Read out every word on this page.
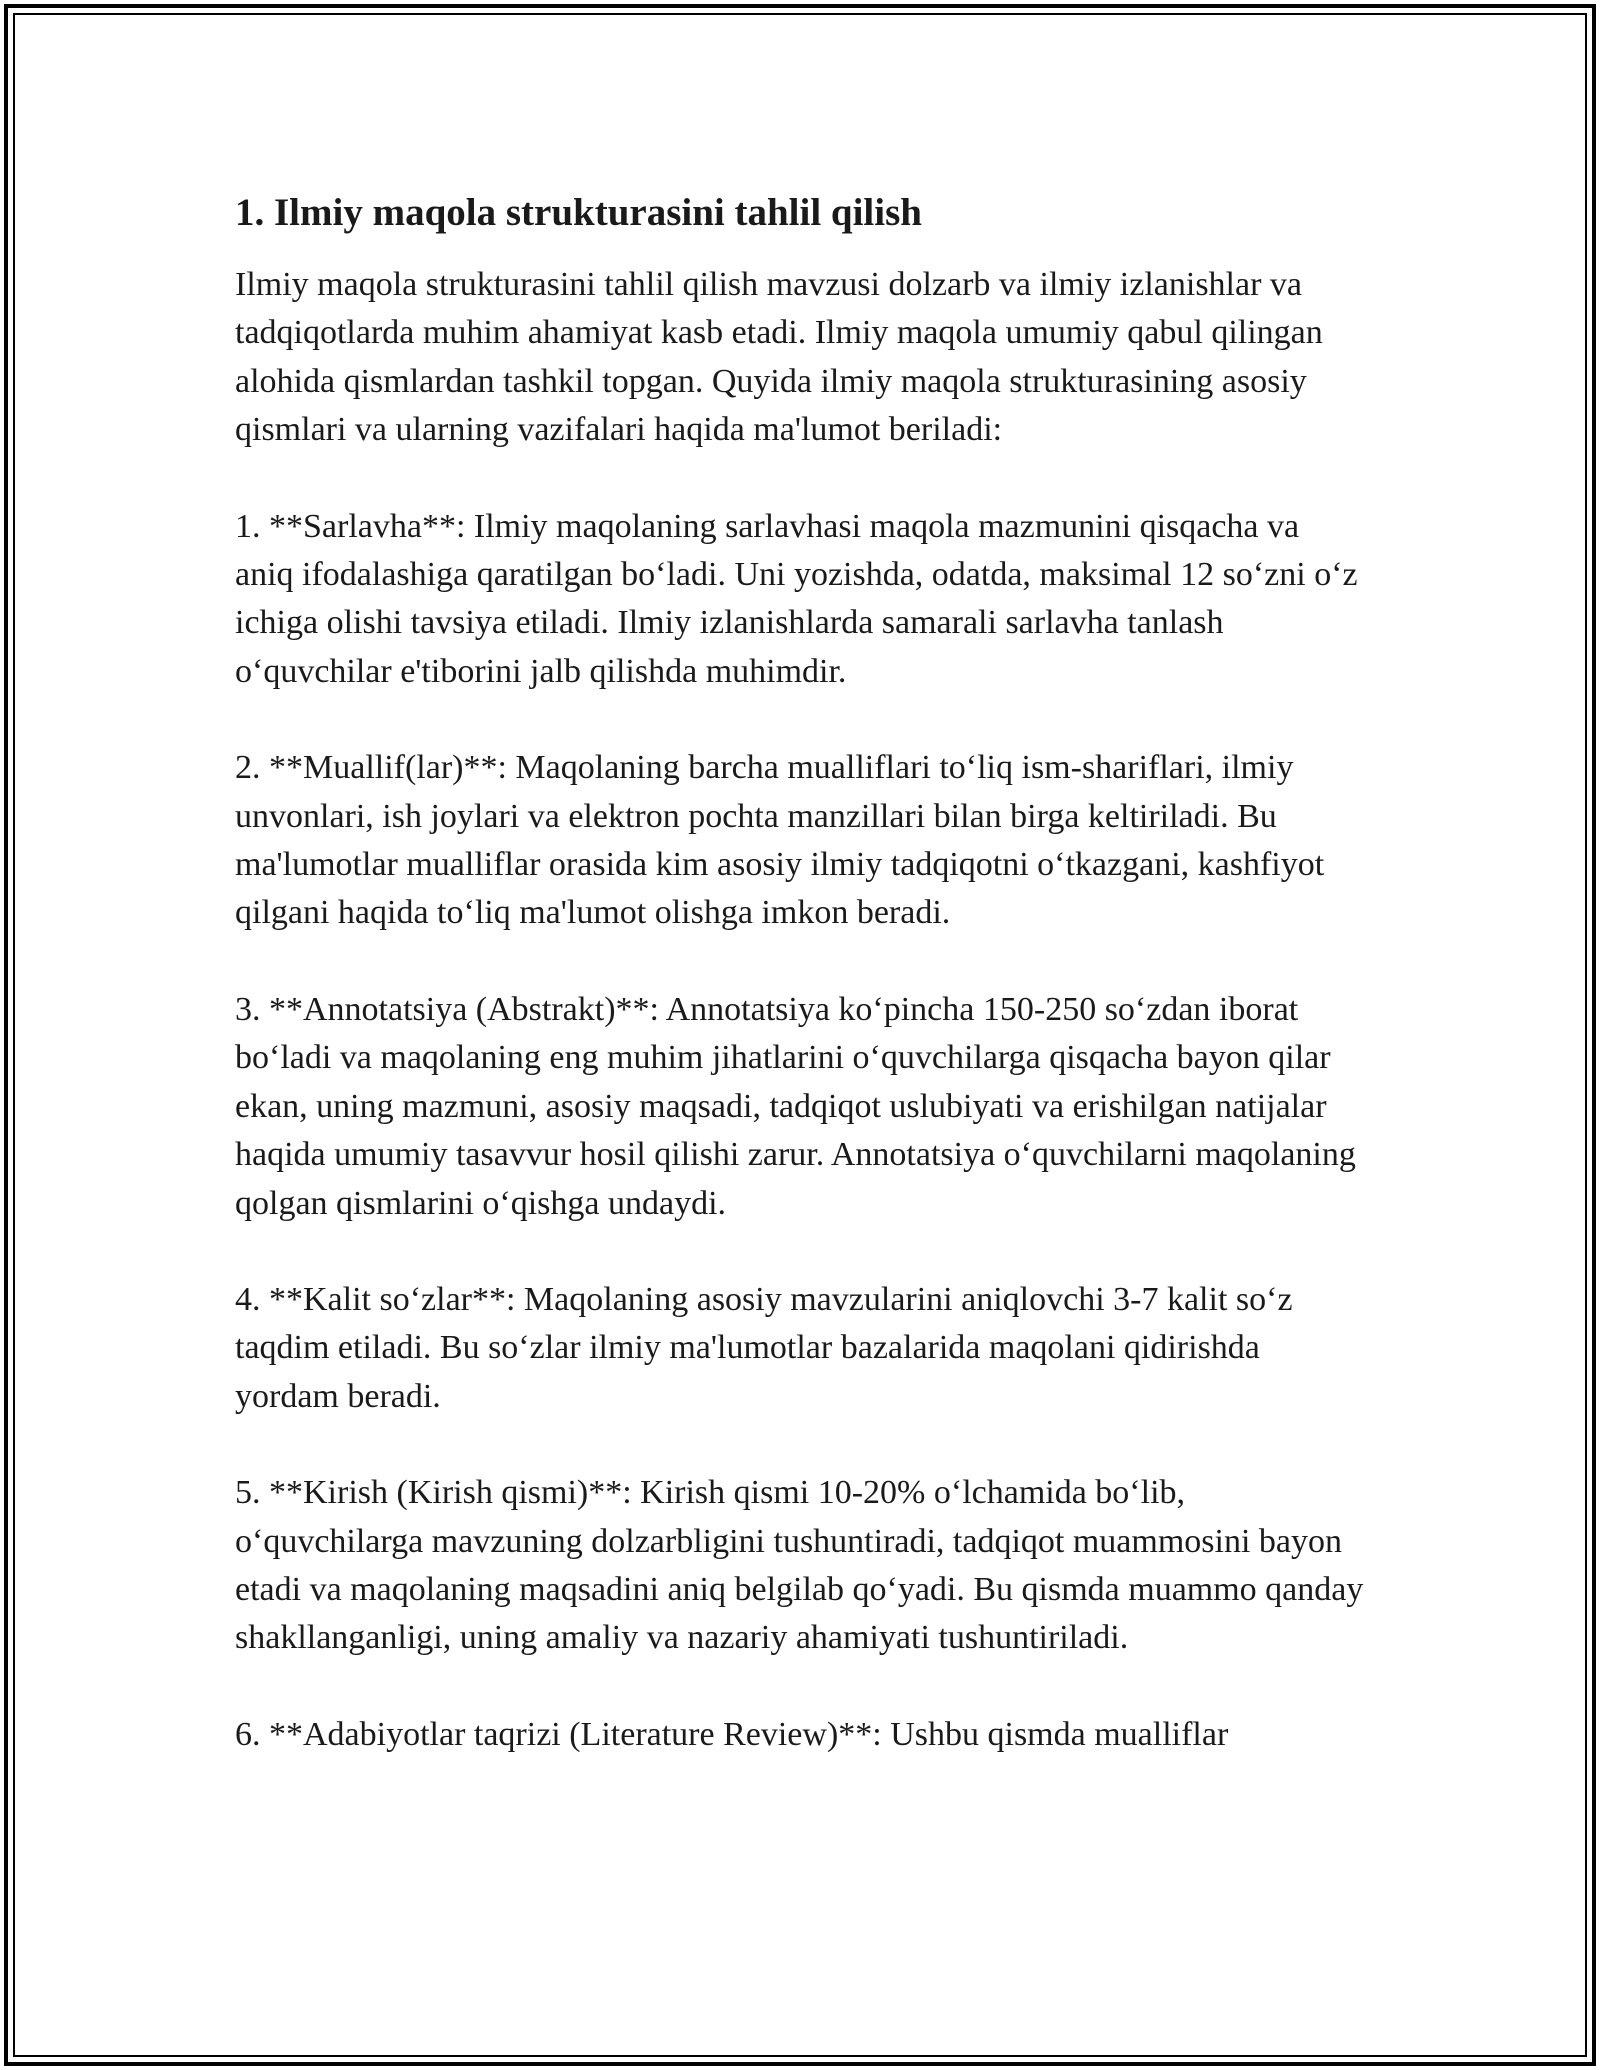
1. Ilmiy maqola strukturasini tahlil qilish

Ilmiy maqola strukturasini tahlil qilish mavzusi dolzarb va ilmiy izlanishlar va tadqiqotlarda muhim ahamiyat kasb etadi. Ilmiy maqola umumiy qabul qilingan alohida qismlardan tashkil topgan. Quyida ilmiy maqola strukturasining asosiy qismlari va ularning vazifalari haqida ma'lumot beriladi:

1. **Sarlavha**: Ilmiy maqolaning sarlavhasi maqola mazmunini qisqacha va aniq ifodalashiga qaratilgan bo‘ladi. Uni yozishda, odatda, maksimal 12 so‘zni o‘z ichiga olishi tavsiya etiladi. Ilmiy izlanishlarda samarali sarlavha tanlash o‘quvchilar e'tiborini jalb qilishda muhimdir.

2. **Muallif(lar)**: Maqolaning barcha mualliflari to‘liq ism-shariflari, ilmiy unvonlari, ish joylari va elektron pochta manzillari bilan birga keltiriladi. Bu ma'lumotlar mualliflar orasida kim asosiy ilmiy tadqiqotni o‘tkazgani, kashfiyot qilgani haqida to‘liq ma'lumot olishga imkon beradi.

3. **Annotatsiya (Abstrakt)**: Annotatsiya ko‘pincha 150-250 so‘zdan iborat bo‘ladi va maqolaning eng muhim jihatlarini o‘quvchilarga qisqacha bayon qilar ekan, uning mazmuni, asosiy maqsadi, tadqiqot uslubiyati va erishilgan natijalar haqida umumiy tasavvur hosil qilishi zarur. Annotatsiya o‘quvchilarni maqolaning qolgan qismlarini o‘qishga undaydi.

4. **Kalit so‘zlar**: Maqolaning asosiy mavzularini aniqlovchi 3-7 kalit so‘z taqdim etiladi. Bu so‘zlar ilmiy ma'lumotlar bazalarida maqolani qidirishda yordam beradi.

5. **Kirish (Kirish qismi)**: Kirish qismi 10-20% o‘lchamida bo‘lib, o‘quvchilarga mavzuning dolzarbligini tushuntiradi, tadqiqot muammosini bayon etadi va maqolaning maqsadini aniq belgilab qo‘yadi. Bu qismda muammo qanday shakllanganligi, uning amaliy va nazariy ahamiyati tushuntiriladi.

6. **Adabiyotlar taqrizi (Literature Review)**: Ushbu qismda mualliflar
